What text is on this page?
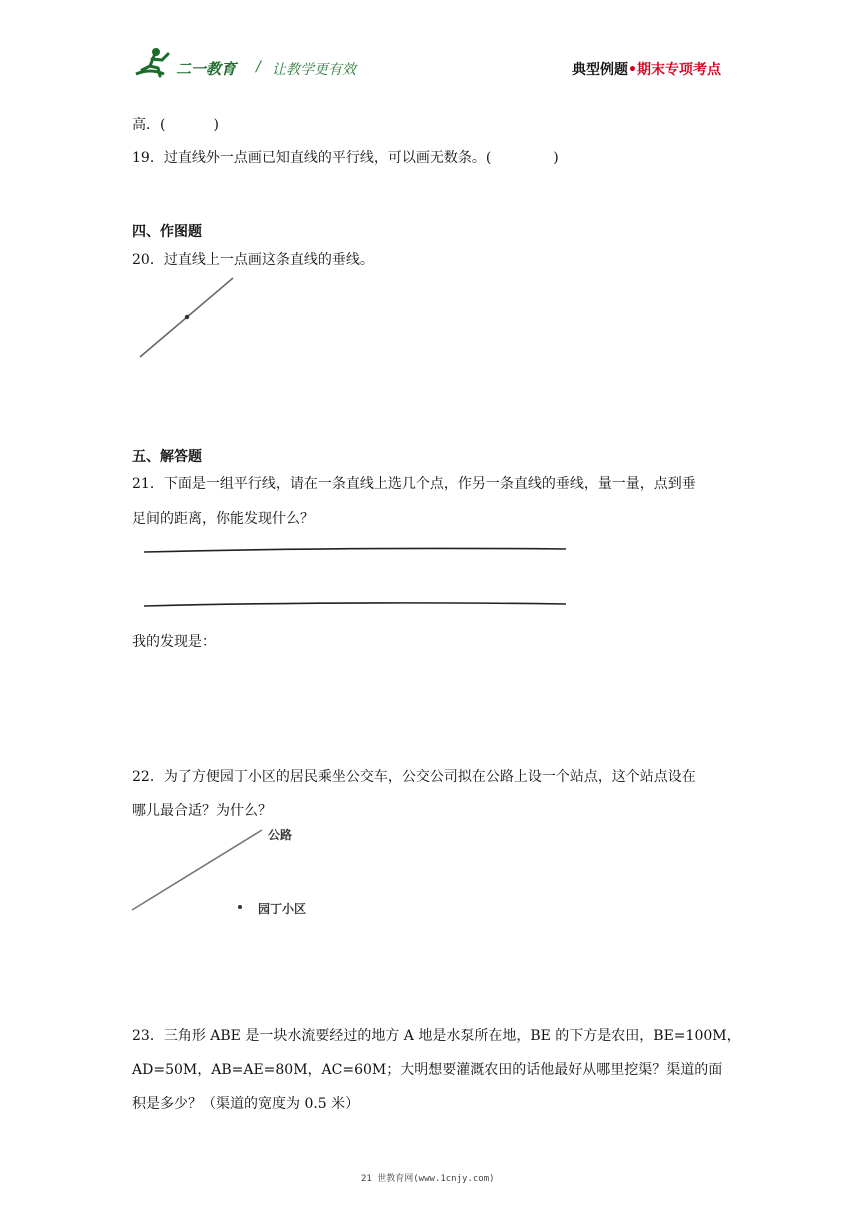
二一教育 / 让教学更有效	典型例题•期末专项考点
高．(	)
19．过直线外一点画已知直线的平行线，可以画无数条。(	)
四、作图题
20．过直线上一点画这条直线的垂线。
五、解答题
21．下面是一组平行线，请在一条直线上选几个点，作另一条直线的垂线，量一量，点到垂
足间的距离，你能发现什么？
我的发现是：
22．为了方便园丁小区的居民乘坐公交车，公交公司拟在公路上设一个站点，这个站点设在
哪儿最合适？为什么？
公路
园丁小区
23．三角形 ABE 是一块水流要经过的地方 A 地是水泵所在地，BE 的下方是农田，BE=100M，
AD=50M，AB=AE=80M，AC=60M；大明想要灌溉农田的话他最好从哪里挖渠？渠道的面
积是多少？（渠道的宽度为 0.5 米）
21 世教育网(www.1cnjy.com)
